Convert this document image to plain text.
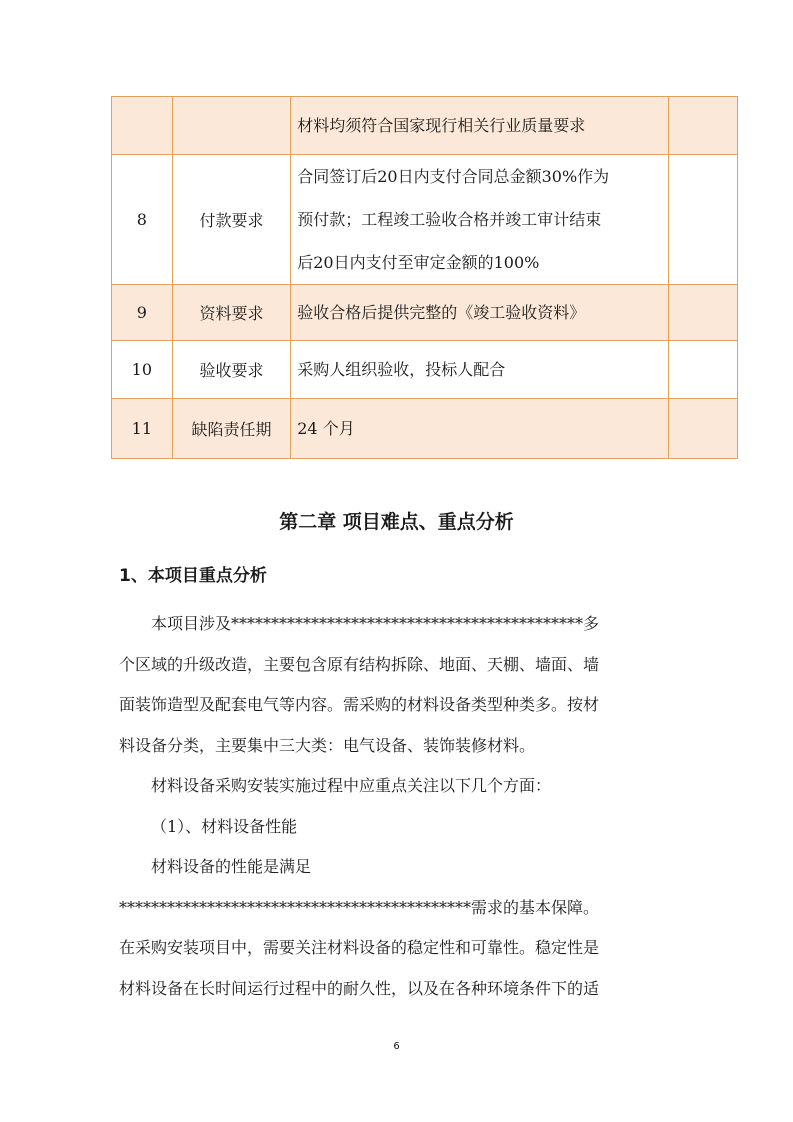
		材料均须符合国家现行相关行业质量要求	

8	付款要求	合同签订后20日内支付合同总金额30%作为

预付款；工程竣工验收合格并竣工审计结束

后20日内支付至审定金额的100%	

9	资料要求	验收合格后提供完整的《竣工验收资料》	

10	验收要求	采购人组织验收，投标人配合	

11	缺陷责任期	24 个月	

第二章 项目难点、重点分析
1、本项目重点分析

本项目涉及********************************************多

个区域的升级改造，主要包含原有结构拆除、地面、天棚、墙面、墙

面装饰造型及配套电气等内容。需采购的材料设备类型种类多。按材

料设备分类，主要集中三大类：电气设备、装饰装修材料。

材料设备采购安装实施过程中应重点关注以下几个方面：

（1）、材料设备性能

材料设备的性能是满足

********************************************需求的基本保障。

在采购安装项目中，需要关注材料设备的稳定性和可靠性。稳定性是

材料设备在长时间运行过程中的耐久性，以及在各种环境条件下的适

6
